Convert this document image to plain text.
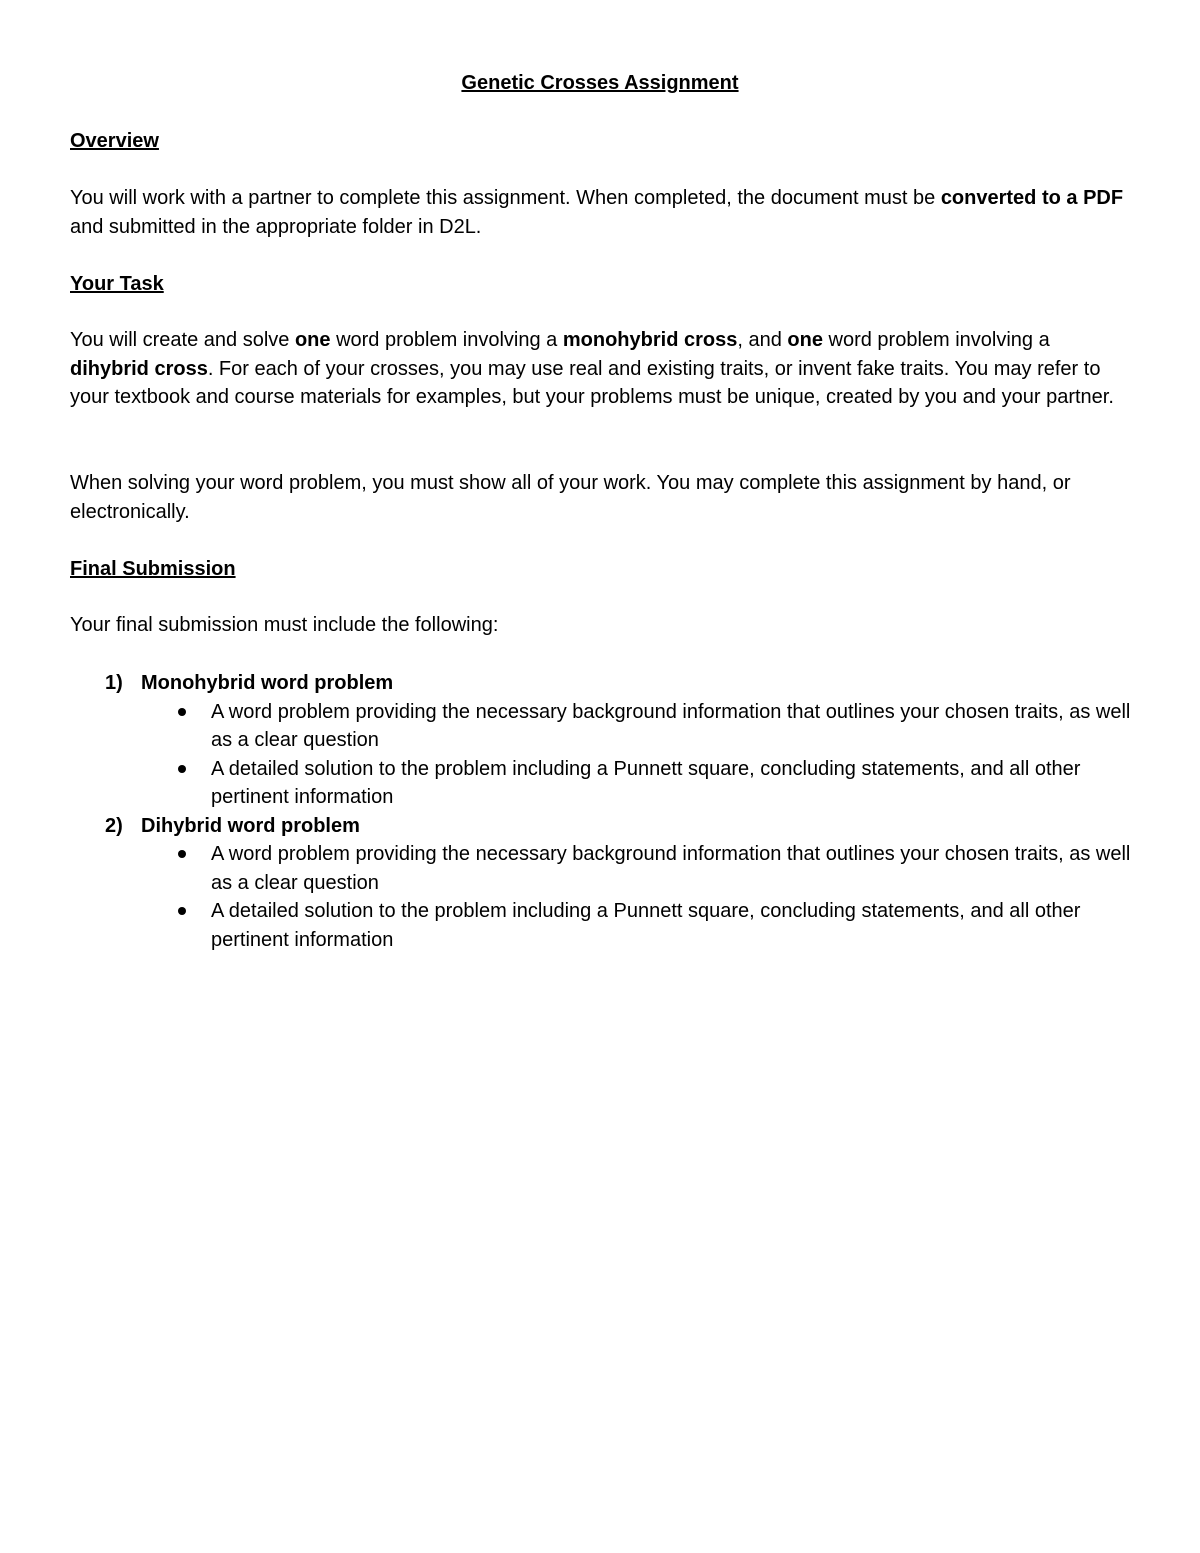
Genetic Crosses Assignment
Overview

You will work with a partner to complete this assignment. When completed, the document must be converted to a PDF and submitted in the appropriate folder in D2L.

Your Task

You will create and solve one word problem involving a monohybrid cross, and one word problem involving a dihybrid cross. For each of your crosses, you may use real and existing traits, or invent fake traits. You may refer to your textbook and course materials for examples, but your problems must be unique, created by you and your partner.

When solving your word problem, you must show all of your work. You may complete this assignment by hand, or electronically.

Final Submission

Your final submission must include the following:

1) Monohybrid word problem
A word problem providing the necessary background information that outlines your chosen traits, as well as a clear question
A detailed solution to the problem including a Punnett square, concluding statements, and all other pertinent information
2) Dihybrid word problem
A word problem providing the necessary background information that outlines your chosen traits, as well as a clear question
A detailed solution to the problem including a Punnett square, concluding statements, and all other pertinent information
